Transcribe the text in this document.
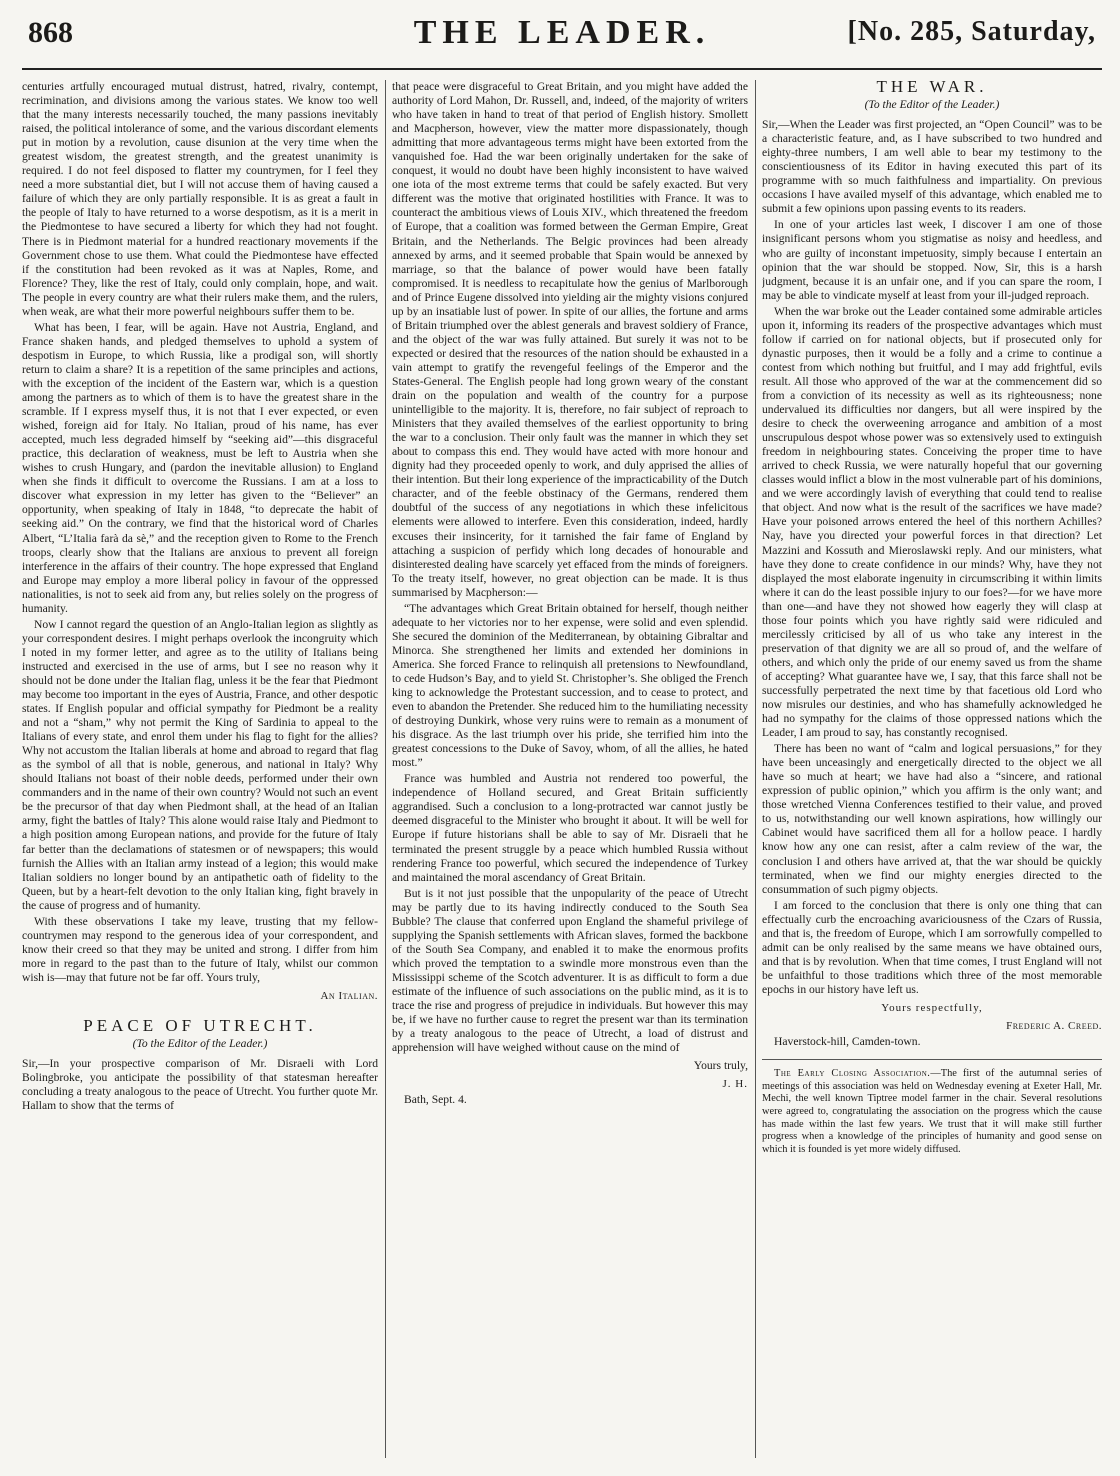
868	THE LEADER.	[No. 285, Saturday,

centuries artfully encouraged mutual distrust, hatred, rivalry, contempt, recrimination, and divisions among the various states. We know too well that the many interests necessarily touched, the many passions inevitably raised, the political intolerance of some, and the various discordant elements put in motion by a revolution, cause disunion at the very time when the greatest wisdom, the greatest strength, and the greatest unanimity is required. I do not feel disposed to flatter my countrymen, for I feel they need a more substantial diet, but I will not accuse them of having caused a failure of which they are only partially responsible. It is as great a fault in the people of Italy to have returned to a worse despotism, as it is a merit in the Piedmontese to have secured a liberty for which they had not fought. There is in Piedmont material for a hundred reactionary movements if the Government chose to use them. What could the Piedmontese have effected if the constitution had been revoked as it was at Naples, Rome, and Florence? They, like the rest of Italy, could only complain, hope, and wait. The people in every country are what their rulers make them, and the rulers, when weak, are what their more powerful neighbours suffer them to be.

What has been, I fear, will be again. Have not Austria, England, and France shaken hands, and pledged themselves to uphold a system of despotism in Europe, to which Russia, like a prodigal son, will shortly return to claim a share? It is a repetition of the same principles and actions, with the exception of the incident of the Eastern war, which is a question among the partners as to which of them is to have the greatest share in the scramble. If I express myself thus, it is not that I ever expected, or even wished, foreign aid for Italy. No Italian, proud of his name, has ever accepted, much less degraded himself by “seeking aid”—this disgraceful practice, this declaration of weakness, must be left to Austria when she wishes to crush Hungary, and (pardon the inevitable allusion) to England when she finds it difficult to overcome the Russians. I am at a loss to discover what expression in my letter has given to the “Believer” an opportunity, when speaking of Italy in 1848, “to deprecate the habit of seeking aid.” On the contrary, we find that the historical word of Charles Albert, “L’Italia farà da sè,” and the reception given to Rome to the French troops, clearly show that the Italians are anxious to prevent all foreign interference in the affairs of their country. The hope expressed that England and Europe may employ a more liberal policy in favour of the oppressed nationalities, is not to seek aid from any, but relies solely on the progress of humanity.

Now I cannot regard the question of an Anglo-Italian legion as slightly as your correspondent desires. I might perhaps overlook the incongruity which I noted in my former letter, and agree as to the utility of Italians being instructed and exercised in the use of arms, but I see no reason why it should not be done under the Italian flag, unless it be the fear that Piedmont may become too important in the eyes of Austria, France, and other despotic states. If English popular and official sympathy for Piedmont be a reality and not a “sham,” why not permit the King of Sardinia to appeal to the Italians of every state, and enrol them under his flag to fight for the allies? Why not accustom the Italian liberals at home and abroad to regard that flag as the symbol of all that is noble, generous, and national in Italy? Why should Italians not boast of their noble deeds, performed under their own commanders and in the name of their own country? Would not such an event be the precursor of that day when Piedmont shall, at the head of an Italian army, fight the battles of Italy? This alone would raise Italy and Piedmont to a high position among European nations, and provide for the future of Italy far better than the declamations of statesmen or of newspapers; this would furnish the Allies with an Italian army instead of a legion; this would make Italian soldiers no longer bound by an antipathetic oath of fidelity to the Queen, but by a heart-felt devotion to the only Italian king, fight bravely in the cause of progress and of humanity.

With these observations I take my leave, trusting that my fellow-countrymen may respond to the generous idea of your correspondent, and know their creed so that they may be united and strong. I differ from him more in regard to the past than to the future of Italy, whilst our common wish is—may that future not be far off. Yours truly,

An Italian.
PEACE OF UTRECHT.
(To the Editor of the Leader.)

Sir,—In your prospective comparison of Mr. Disraeli with Lord Bolingbroke, you anticipate the possibility of that statesman hereafter concluding a treaty analogous to the peace of Utrecht. You further quote Mr. Hallam to show that the terms of

that peace were disgraceful to Great Britain, and you might have added the authority of Lord Mahon, Dr. Russell, and, indeed, of the majority of writers who have taken in hand to treat of that period of English history. Smollett and Macpherson, however, view the matter more dispassionately, though admitting that more advantageous terms might have been extorted from the vanquished foe. Had the war been originally undertaken for the sake of conquest, it would no doubt have been highly inconsistent to have waived one iota of the most extreme terms that could be safely exacted. But very different was the motive that originated hostilities with France. It was to counteract the ambitious views of Louis XIV., which threatened the freedom of Europe, that a coalition was formed between the German Empire, Great Britain, and the Netherlands. The Belgic provinces had been already annexed by arms, and it seemed probable that Spain would be annexed by marriage, so that the balance of power would have been fatally compromised. It is needless to recapitulate how the genius of Marlborough and of Prince Eugene dissolved into yielding air the mighty visions conjured up by an insatiable lust of power. In spite of our allies, the fortune and arms of Britain triumphed over the ablest generals and bravest soldiery of France, and the object of the war was fully attained. But surely it was not to be expected or desired that the resources of the nation should be exhausted in a vain attempt to gratify the revengeful feelings of the Emperor and the States-General. The English people had long grown weary of the constant drain on the population and wealth of the country for a purpose unintelligible to the majority. It is, therefore, no fair subject of reproach to Ministers that they availed themselves of the earliest opportunity to bring the war to a conclusion. Their only fault was the manner in which they set about to compass this end. They would have acted with more honour and dignity had they proceeded openly to work, and duly apprised the allies of their intention. But their long experience of the impracticability of the Dutch character, and of the feeble obstinacy of the Germans, rendered them doubtful of the success of any negotiations in which these infelicitous elements were allowed to interfere. Even this consideration, indeed, hardly excuses their insincerity, for it tarnished the fair fame of England by attaching a suspicion of perfidy which long decades of honourable and disinterested dealing have scarcely yet effaced from the minds of foreigners. To the treaty itself, however, no great objection can be made. It is thus summarised by Macpherson:—

“The advantages which Great Britain obtained for herself, though neither adequate to her victories nor to her expense, were solid and even splendid. She secured the dominion of the Mediterranean, by obtaining Gibraltar and Minorca. She strengthened her limits and extended her dominions in America. She forced France to relinquish all pretensions to Newfoundland, to cede Hudson’s Bay, and to yield St. Christopher’s. She obliged the French king to acknowledge the Protestant succession, and to cease to protect, and even to abandon the Pretender. She reduced him to the humiliating necessity of destroying Dunkirk, whose very ruins were to remain as a monument of his disgrace. As the last triumph over his pride, she terrified him into the greatest concessions to the Duke of Savoy, whom, of all the allies, he hated most.”

France was humbled and Austria not rendered too powerful, the independence of Holland secured, and Great Britain sufficiently aggrandised. Such a conclusion to a long-protracted war cannot justly be deemed disgraceful to the Minister who brought it about. It will be well for Europe if future historians shall be able to say of Mr. Disraeli that he terminated the present struggle by a peace which humbled Russia without rendering France too powerful, which secured the independence of Turkey and maintained the moral ascendancy of Great Britain.

But is it not just possible that the unpopularity of the peace of Utrecht may be partly due to its having indirectly conduced to the South Sea Bubble? The clause that conferred upon England the shameful privilege of supplying the Spanish settlements with African slaves, formed the backbone of the South Sea Company, and enabled it to make the enormous profits which proved the temptation to a swindle more monstrous even than the Mississippi scheme of the Scotch adventurer. It is as difficult to form a due estimate of the influence of such associations on the public mind, as it is to trace the rise and progress of prejudice in individuals. But however this may be, if we have no further cause to regret the present war than its termination by a treaty analogous to the peace of Utrecht, a load of distrust and apprehension will have weighed without cause on the mind of

Yours truly,
J. H.
Bath, Sept. 4.
THE WAR.
(To the Editor of the Leader.)

Sir,—When the Leader was first projected, an “Open Council” was to be a characteristic feature, and, as I have subscribed to two hundred and eighty-three numbers, I am well able to bear my testimony to the conscientiousness of its Editor in having executed this part of its programme with so much faithfulness and impartiality. On previous occasions I have availed myself of this advantage, which enabled me to submit a few opinions upon passing events to its readers.

In one of your articles last week, I discover I am one of those insignificant persons whom you stigmatise as noisy and heedless, and who are guilty of inconstant impetuosity, simply because I entertain an opinion that the war should be stopped. Now, Sir, this is a harsh judgment, because it is an unfair one, and if you can spare the room, I may be able to vindicate myself at least from your ill-judged reproach.

When the war broke out the Leader contained some admirable articles upon it, informing its readers of the prospective advantages which must follow if carried on for national objects, but if prosecuted only for dynastic purposes, then it would be a folly and a crime to continue a contest from which nothing but fruitful, and I may add frightful, evils result. All those who approved of the war at the commencement did so from a conviction of its necessity as well as its righteousness; none undervalued its difficulties nor dangers, but all were inspired by the desire to check the overweening arrogance and ambition of a most unscrupulous despot whose power was so extensively used to extinguish freedom in neighbouring states. Conceiving the proper time to have arrived to check Russia, we were naturally hopeful that our governing classes would inflict a blow in the most vulnerable part of his dominions, and we were accordingly lavish of everything that could tend to realise that object. And now what is the result of the sacrifices we have made? Have your poisoned arrows entered the heel of this northern Achilles? Nay, have you directed your powerful forces in that direction? Let Mazzini and Kossuth and Mieroslawski reply. And our ministers, what have they done to create confidence in our minds? Why, have they not displayed the most elaborate ingenuity in circumscribing it within limits where it can do the least possible injury to our foes?—for we have more than one—and have they not showed how eagerly they will clasp at those four points which you have rightly said were ridiculed and mercilessly criticised by all of us who take any interest in the preservation of that dignity we are all so proud of, and the welfare of others, and which only the pride of our enemy saved us from the shame of accepting? What guarantee have we, I say, that this farce shall not be successfully perpetrated the next time by that facetious old Lord who now misrules our destinies, and who has shamefully acknowledged he had no sympathy for the claims of those oppressed nations which the Leader, I am proud to say, has constantly recognised.

There has been no want of “calm and logical persuasions,” for they have been unceasingly and energetically directed to the object we all have so much at heart; we have had also a “sincere, and rational expression of public opinion,” which you affirm is the only want; and those wretched Vienna Conferences testified to their value, and proved to us, notwithstanding our well known aspirations, how willingly our Cabinet would have sacrificed them all for a hollow peace. I hardly know how any one can resist, after a calm review of the war, the conclusion I and others have arrived at, that the war should be quickly terminated, when we find our mighty energies directed to the consummation of such pigmy objects.

I am forced to the conclusion that there is only one thing that can effectually curb the encroaching avariciousness of the Czars of Russia, and that is, the freedom of Europe, which I am sorrowfully compelled to admit can be only realised by the same means we have obtained ours, and that is by revolution. When that time comes, I trust England will not be unfaithful to those traditions which three of the most memorable epochs in our history have left us.

Yours respectfully,
Frederic A. Creed.
Haverstock-hill, Camden-town.

The Early Closing Association.—The first of the autumnal series of meetings of this association was held on Wednesday evening at Exeter Hall, Mr. Mechi, the well known Tiptree model farmer in the chair. Several resolutions were agreed to, congratulating the association on the progress which the cause has made within the last few years. We trust that it will make still further progress when a knowledge of the principles of humanity and good sense on which it is founded is yet more widely diffused.
